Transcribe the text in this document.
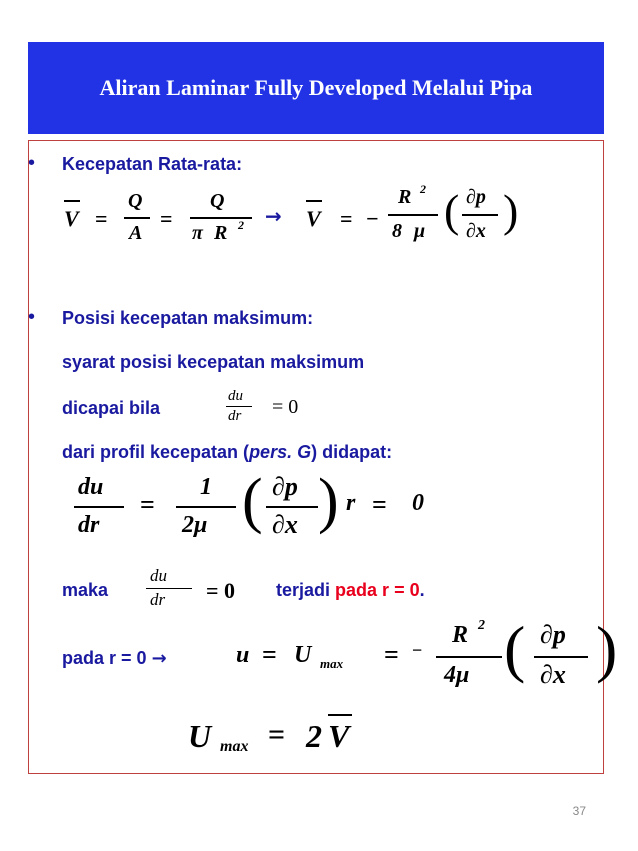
Aliran Laminar Fully Developed Melalui Pipa
• Kecepatan Rata-rata:
V =
Q
A
=
Q
π R 2 → V = −
R 2
8 μ ( ∂p
∂x )
• Posisi kecepatan maksimum:
syarat posisi kecepatan maksimum
dicapai bila
du
dr = 0
dari profil kecepatan (pers. G) didapat:
du
dr
=
1
2μ ( ∂p
∂x ) r = 0
maka
du
dr = 0 terjadi pada r = 0.
pada r = 0 →	u = U max = −
R 2
4μ ( ∂p
∂x )
U max = 2 V
37
